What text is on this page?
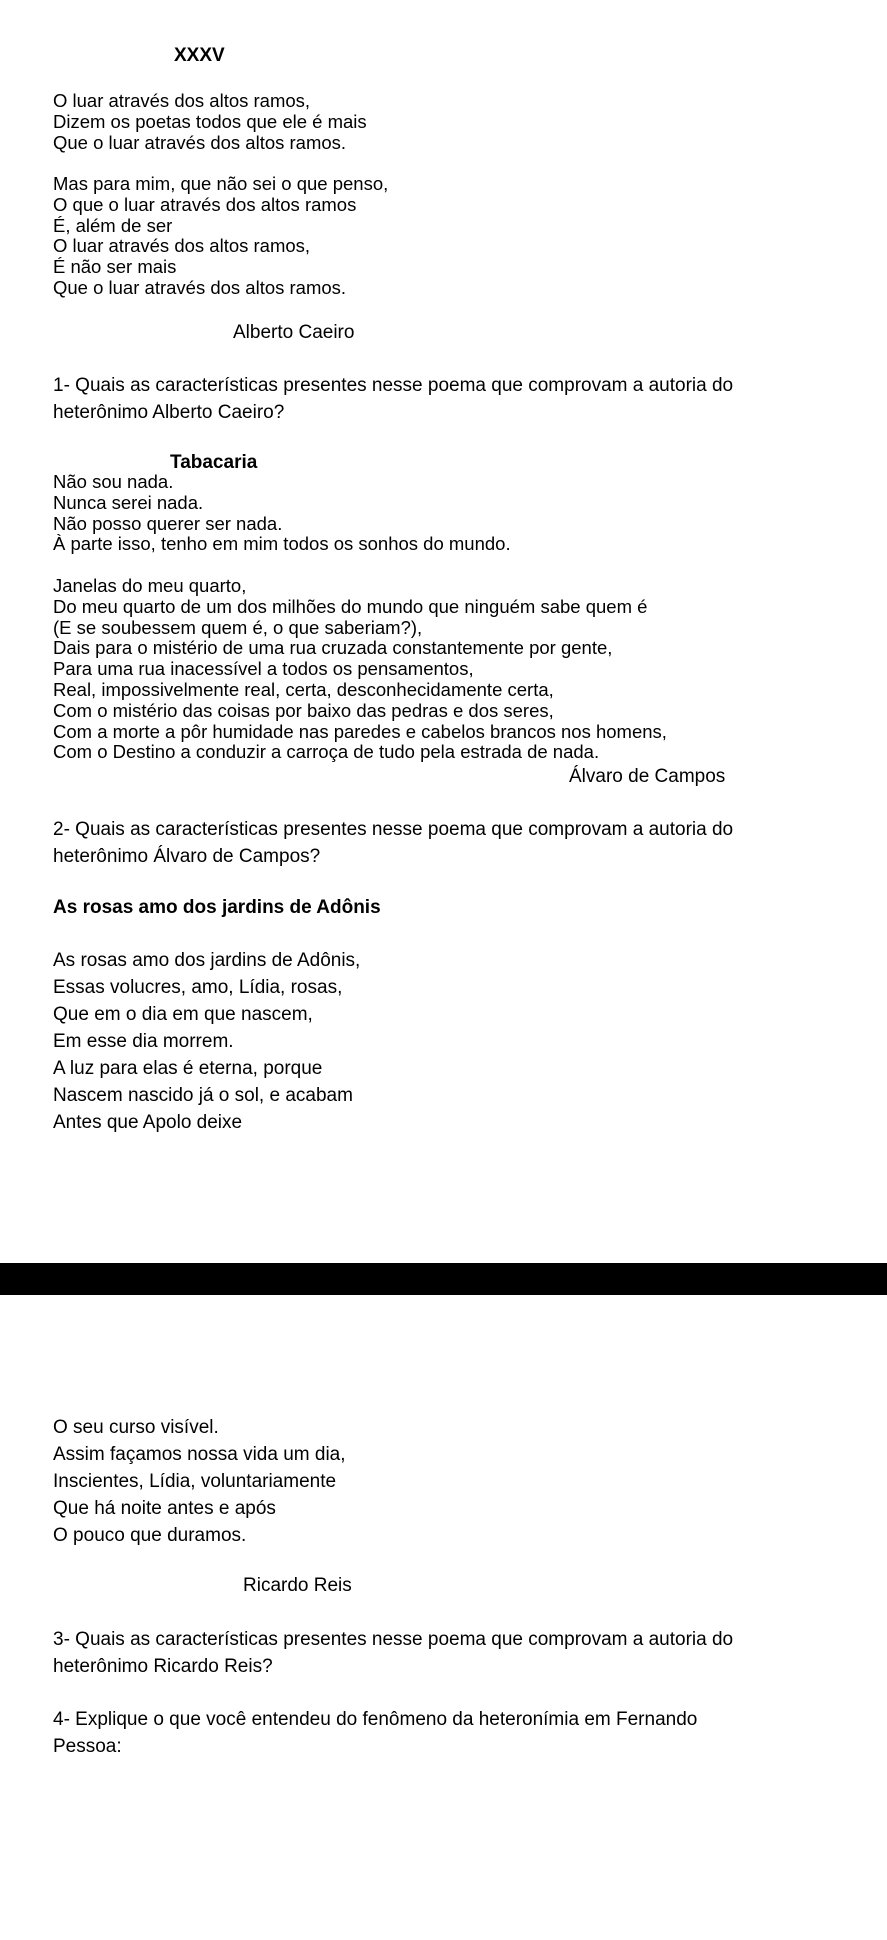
XXXV
O luar através dos altos ramos,
Dizem os poetas todos que ele é mais
Que o luar através dos altos ramos.
Mas para mim, que não sei o que penso,
O que o luar através dos altos ramos
É, além de ser
O luar através dos altos ramos,
É não ser mais
Que o luar através dos altos ramos.
Alberto Caeiro
1- Quais as características presentes nesse poema que comprovam a autoria do
heterônimo Alberto Caeiro?
Tabacaria
Não sou nada.
Nunca serei nada.
Não posso querer ser nada.
À parte isso, tenho em mim todos os sonhos do mundo.
Janelas do meu quarto,
Do meu quarto de um dos milhões do mundo que ninguém sabe quem é
(E se soubessem quem é, o que saberiam?),
Dais para o mistério de uma rua cruzada constantemente por gente,
Para uma rua inacessível a todos os pensamentos,
Real, impossivelmente real, certa, desconhecidamente certa,
Com o mistério das coisas por baixo das pedras e dos seres,
Com a morte a pôr humidade nas paredes e cabelos brancos nos homens,
Com o Destino a conduzir a carroça de tudo pela estrada de nada.
Álvaro de Campos
2- Quais as características presentes nesse poema que comprovam a autoria do
heterônimo Álvaro de Campos?
As rosas amo dos jardins de Adônis
As rosas amo dos jardins de Adônis,
Essas volucres, amo, Lídia, rosas,
Que em o dia em que nascem,
Em esse dia morrem.
A luz para elas é eterna, porque
Nascem nascido já o sol, e acabam
Antes que Apolo deixe
O seu curso visível.
Assim façamos nossa vida um dia,
Inscientes, Lídia, voluntariamente
Que há noite antes e após
O pouco que duramos.
Ricardo Reis
3- Quais as características presentes nesse poema que comprovam a autoria do
heterônimo Ricardo Reis?
4- Explique o que você entendeu do fenômeno da heteronímia em Fernando
Pessoa:
